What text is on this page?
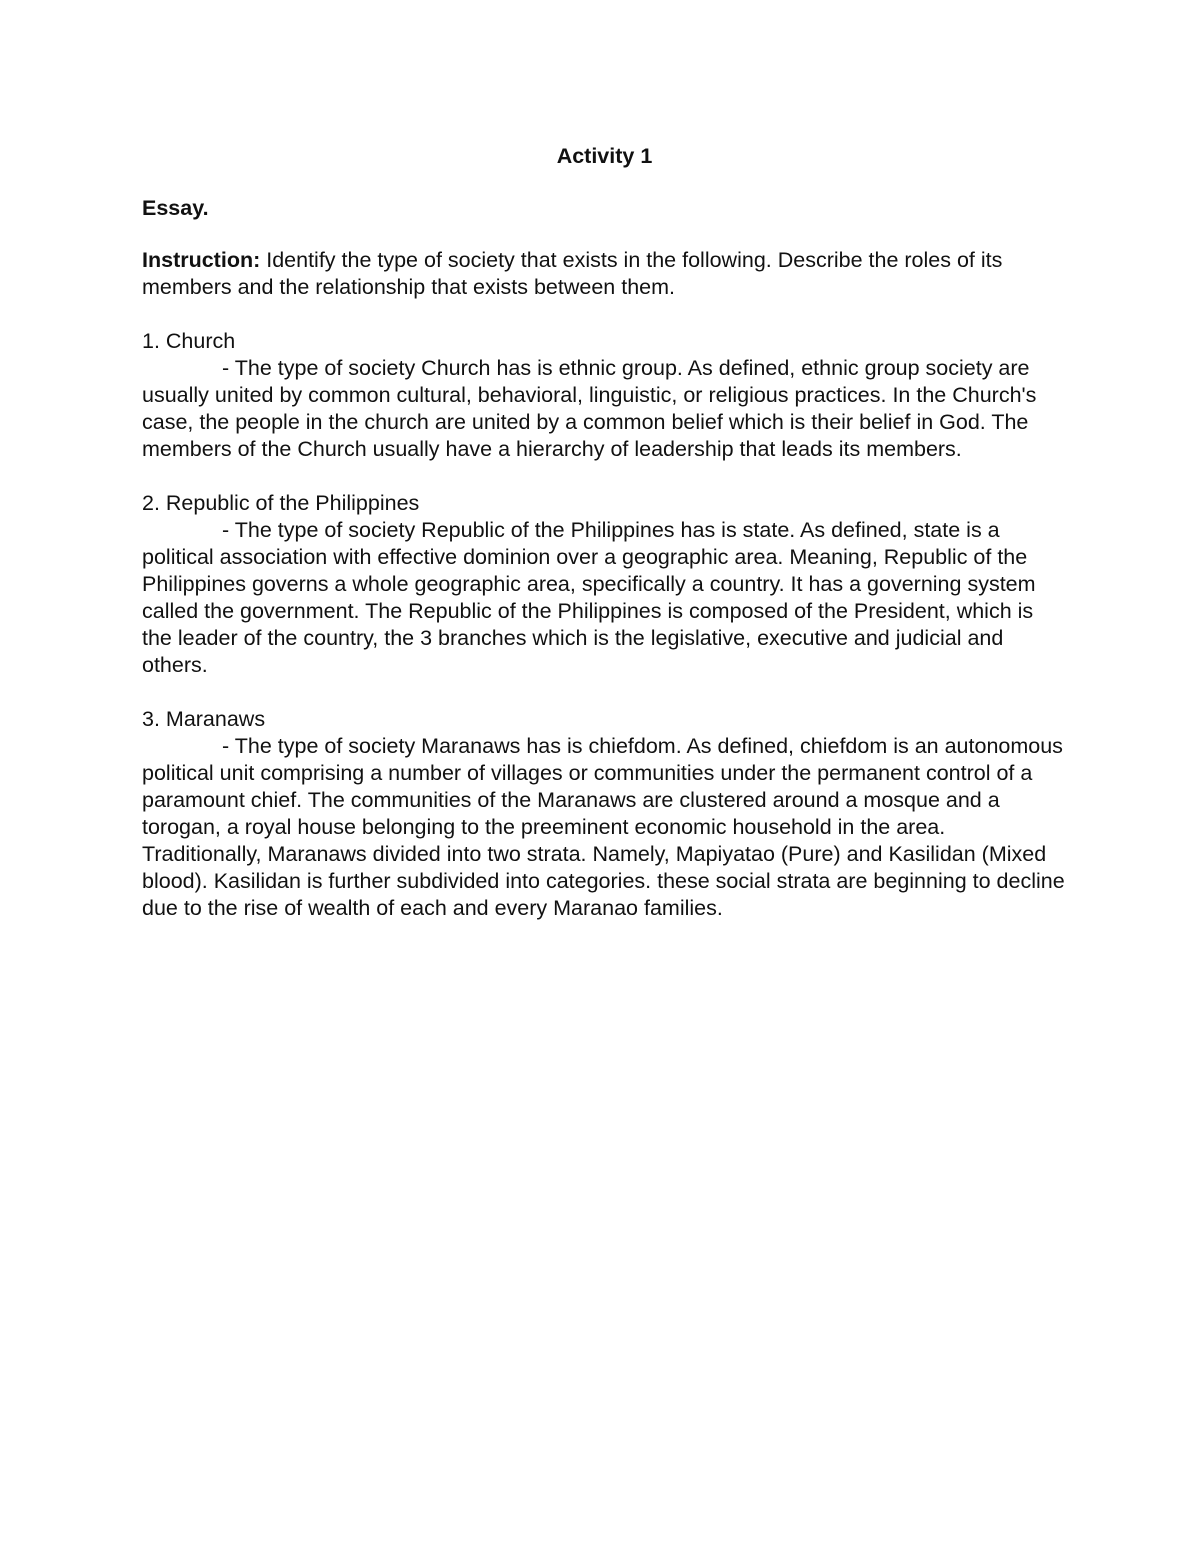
Activity 1
Essay.
Instruction: Identify the type of society that exists in the following. Describe the roles of its members and the relationship that exists between them.
1. Church
- The type of society Church has is ethnic group. As defined, ethnic group society are usually united by common cultural, behavioral, linguistic, or religious practices. In the Church's case, the people in the church are united by a common belief which is their belief in God. The members of the Church usually have a hierarchy of leadership that leads its members.
2. Republic of the Philippines
- The type of society Republic of the Philippines has is state. As defined, state is a political association with effective dominion over a geographic area. Meaning, Republic of the Philippines governs a whole geographic area, specifically a country. It has a governing system called the government. The Republic of the Philippines is composed of the President, which is the leader of the country, the 3 branches which is the legislative, executive and judicial and others.
3. Maranaws
- The type of society Maranaws has is chiefdom. As defined, chiefdom is an autonomous political unit comprising a number of villages or communities under the permanent control of a paramount chief. The communities of the Maranaws are clustered around a mosque and a torogan, a royal house belonging to the preeminent economic household in the area. Traditionally, Maranaws divided into two strata. Namely, Mapiyatao (Pure) and Kasilidan (Mixed blood). Kasilidan is further subdivided into categories. these social strata are beginning to decline due to the rise of wealth of each and every Maranao families.
